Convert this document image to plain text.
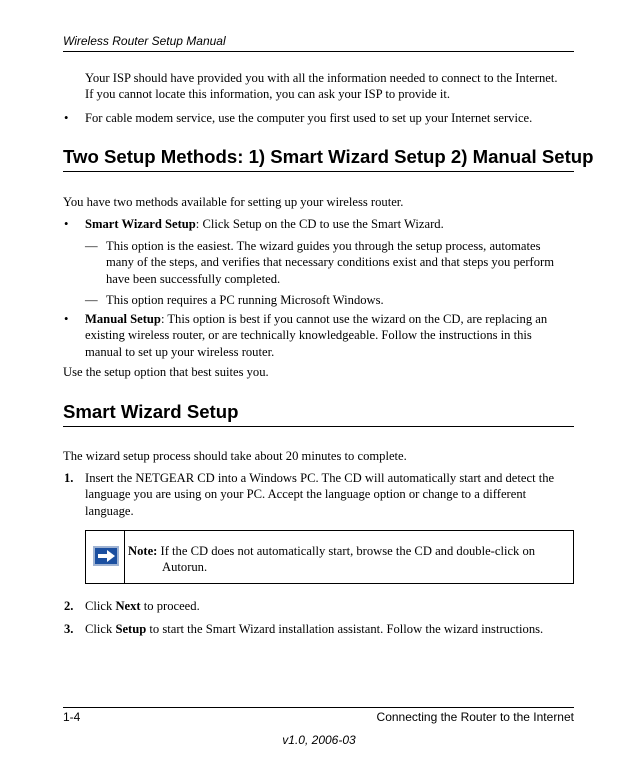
Wireless Router Setup Manual
Your ISP should have provided you with all the information needed to connect to the Internet.
If you cannot locate this information, you can ask your ISP to provide it.
• For cable modem service, use the computer you first used to set up your Internet service.
Two Setup Methods: 1) Smart Wizard Setup 2) Manual Setup
You have two methods available for setting up your wireless router.
• Smart Wizard Setup: Click Setup on the CD to use the Smart Wizard.
— This option is the easiest. The wizard guides you through the setup process, automates
many of the steps, and verifies that necessary conditions exist and that steps you perform
have been successfully completed.
— This option requires a PC running Microsoft Windows.
• Manual Setup: This option is best if you cannot use the wizard on the CD, are replacing an
existing wireless router, or are technically knowledgeable. Follow the instructions in this
manual to set up your wireless router.
Use the setup option that best suites you.
Smart Wizard Setup
The wizard setup process should take about 20 minutes to complete.
1. Insert the NETGEAR CD into a Windows PC. The CD will automatically start and detect the
language you are using on your PC. Accept the language option or change to a different
language.
Note: If the CD does not automatically start, browse the CD and double-click on
Autorun.
2. Click Next to proceed.
3. Click Setup to start the Smart Wizard installation assistant. Follow the wizard instructions.
1-4	Connecting the Router to the Internet
v1.0, 2006-03
